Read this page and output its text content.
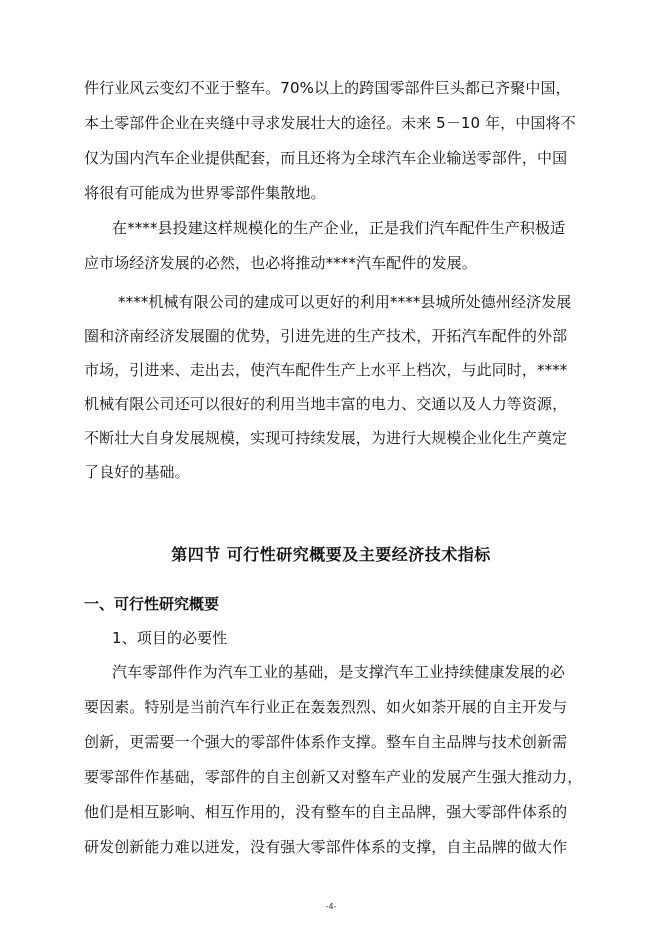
件行业风云变幻不亚于整车。70%以上的跨国零部件巨头都已齐聚中国，
本土零部件企业在夹缝中寻求发展壮大的途径。未来 5－10 年，中国将不
仅为国内汽车企业提供配套，而且还将为全球汽车企业输送零部件，中国
将很有可能成为世界零部件集散地。
在****县投建这样规模化的生产企业，正是我们汽车配件生产积极适
应市场经济发展的必然，也必将推动****汽车配件的发展。
****机械有限公司的建成可以更好的利用****县城所处德州经济发展
圈和济南经济发展圈的优势，引进先进的生产技术，开拓汽车配件的外部
市场，引进来、走出去，使汽车配件生产上水平上档次，与此同时，****
机械有限公司还可以很好的利用当地丰富的电力、交通以及人力等资源，
不断壮大自身发展规模，实现可持续发展，为进行大规模企业化生产奠定
了良好的基础。
第四节 可行性研究概要及主要经济技术指标
一、可行性研究概要
1、项目的必要性
汽车零部件作为汽车工业的基础，是支撑汽车工业持续健康发展的必
要因素。特别是当前汽车行业正在轰轰烈烈、如火如荼开展的自主开发与
创新，更需要一个强大的零部件体系作支撑。整车自主品牌与技术创新需
要零部件作基础，零部件的自主创新又对整车产业的发展产生强大推动力，
他们是相互影响、相互作用的，没有整车的自主品牌，强大零部件体系的
研发创新能力难以迸发，没有强大零部件体系的支撑，自主品牌的做大作
-4-
